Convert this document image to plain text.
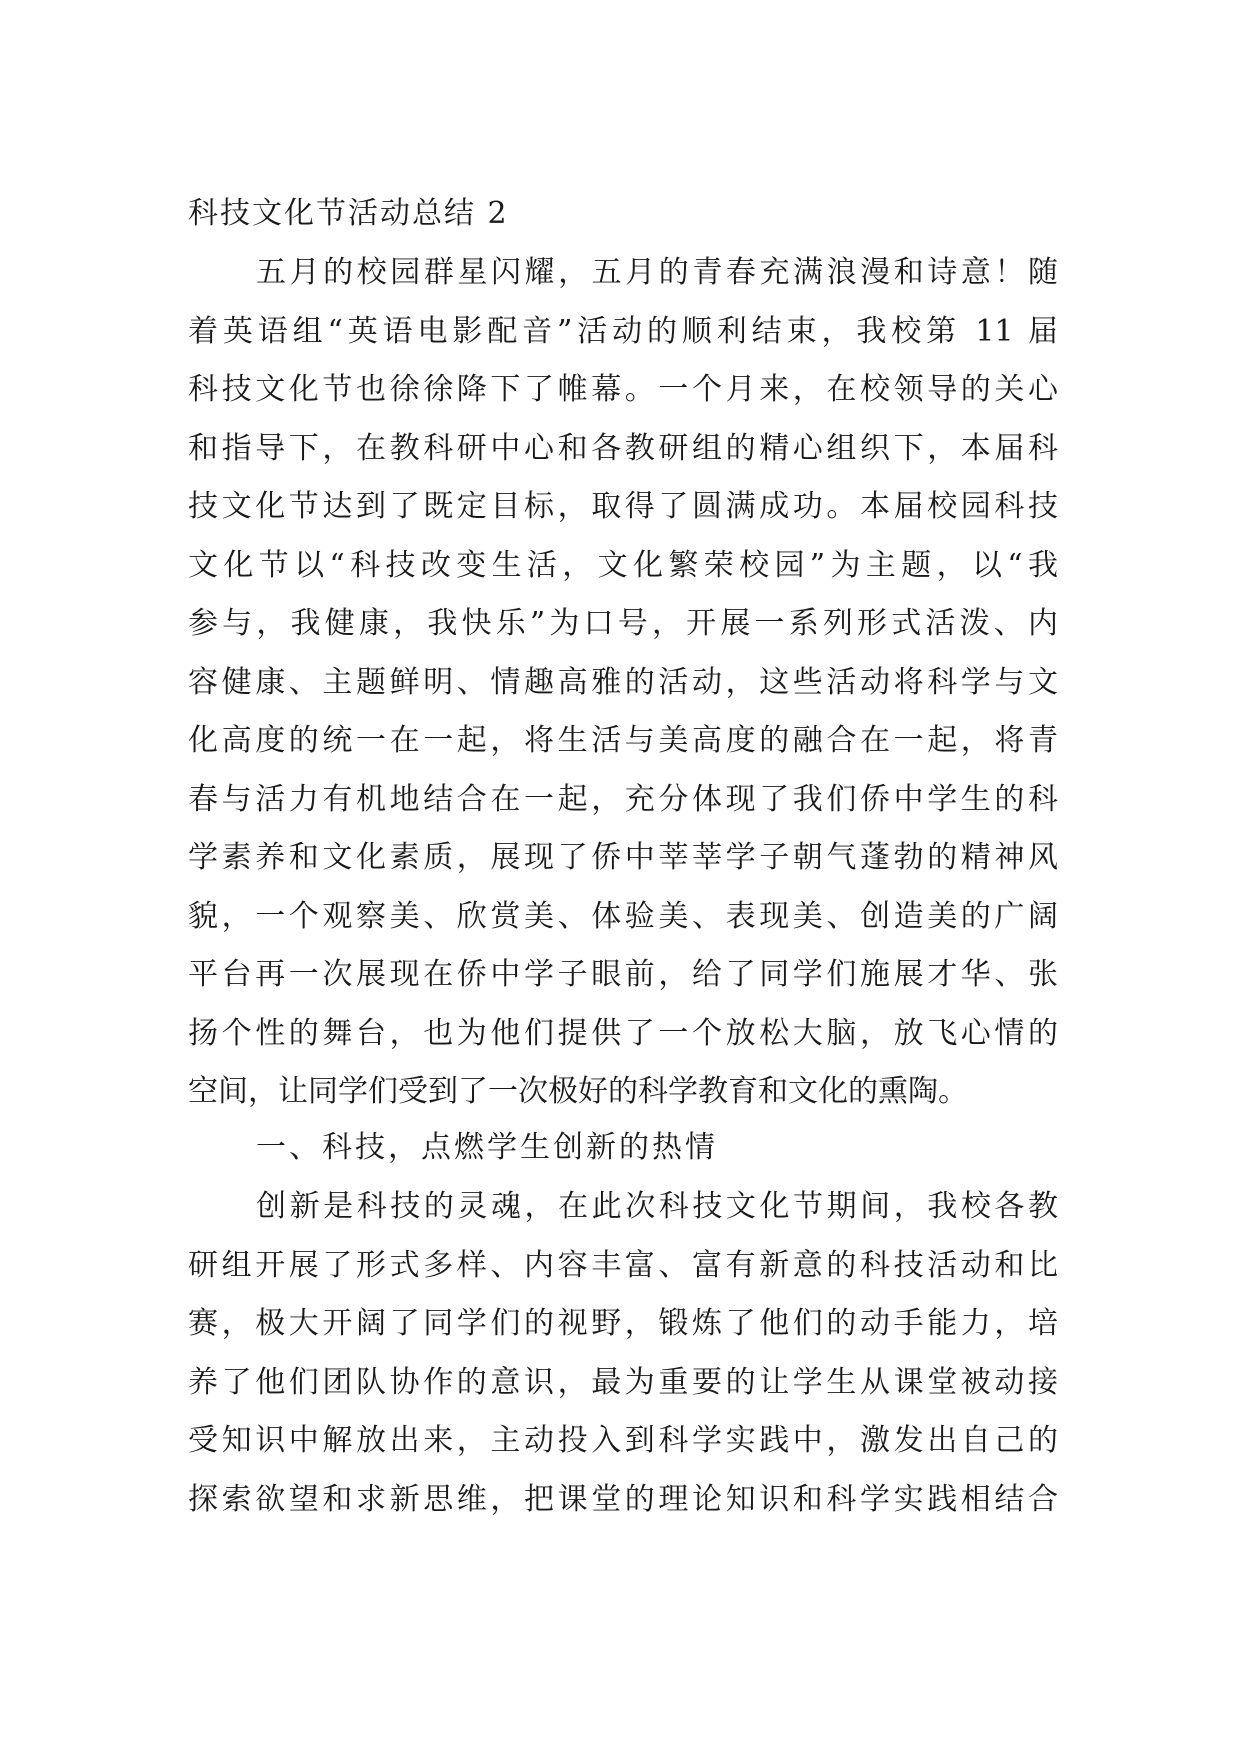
科技文化节活动总结 2
五月的校园群星闪耀，五月的青春充满浪漫和诗意！随
着英语组“英语电影配音”活动的顺利结束，我校第 11 届
科技文化节也徐徐降下了帷幕。一个月来，在校领导的关心
和指导下，在教科研中心和各教研组的精心组织下，本届科
技文化节达到了既定目标，取得了圆满成功。本届校园科技
文化节以“科技改变生活，文化繁荣校园”为主题，以“我
参与，我健康，我快乐”为口号，开展一系列形式活泼、内
容健康、主题鲜明、情趣高雅的活动，这些活动将科学与文
化高度的统一在一起，将生活与美高度的融合在一起，将青
春与活力有机地结合在一起，充分体现了我们侨中学生的科
学素养和文化素质，展现了侨中莘莘学子朝气蓬勃的精神风
貌，一个观察美、欣赏美、体验美、表现美、创造美的广阔
平台再一次展现在侨中学子眼前，给了同学们施展才华、张
扬个性的舞台，也为他们提供了一个放松大脑，放飞心情的
空间，让同学们受到了一次极好的科学教育和文化的熏陶。
一、科技，点燃学生创新的热情
创新是科技的灵魂，在此次科技文化节期间，我校各教
研组开展了形式多样、内容丰富、富有新意的科技活动和比
赛，极大开阔了同学们的视野，锻炼了他们的动手能力，培
养了他们团队协作的意识，最为重要的让学生从课堂被动接
受知识中解放出来，主动投入到科学实践中，激发出自己的
探索欲望和求新思维，把课堂的理论知识和科学实践相结合
